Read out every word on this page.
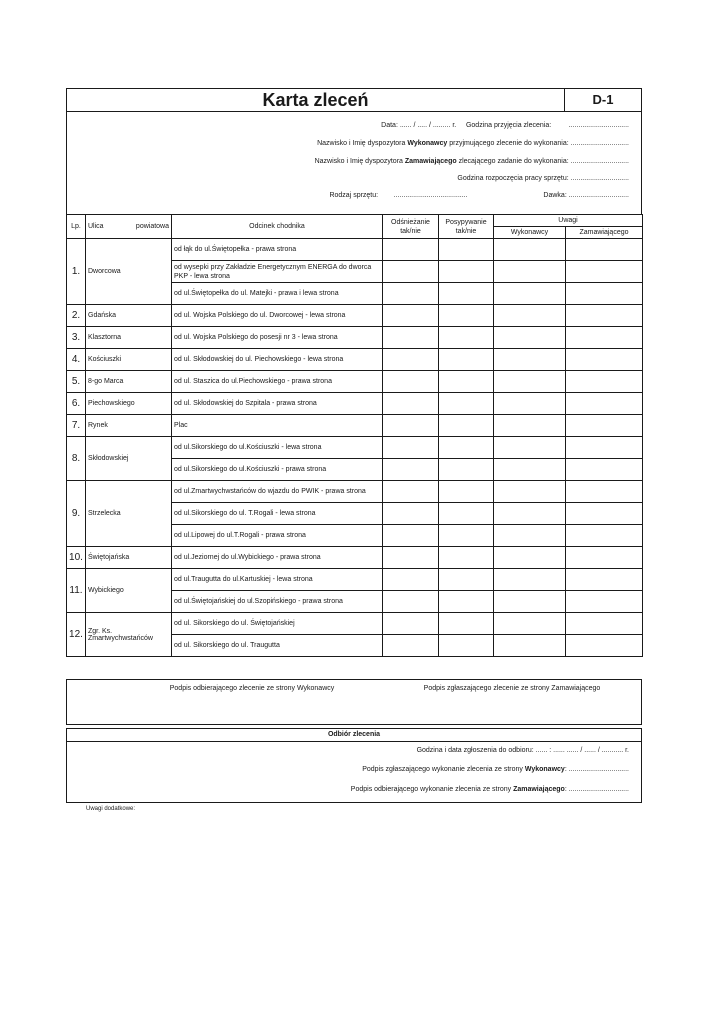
Karta zleceń	D-1
Data: ...... / ..... / ......... r. Godzina przyjęcia zlecenia:	...............................
Nazwisko i Imię dyspozytora Wykonawcy przyjmującego zlecenie do wykonania: ..............................
Nazwisko i Imię dyspozytora Zamawiającego zlecającego zadanie do wykonania: ..............................
Godzina rozpoczęcia pracy sprzętu: ..............................
Rodzaj sprzętu: ......................................	Dawka: ...............................
Lp.	Ulica powiatowa	Odcinek chodnika	Odśnieżanie tak/nie	Posypywanie tak/nie	Uwagi	
					Wykonawcy	Zamawiającego
1.	Dworcowa	od łąk do ul.Świętopełka - prawa strona				
		od wysepki przy Zakładzie Energetycznym ENERGA do dworca PKP - lewa strona				
		od ul.Świętopełka do ul. Matejki - prawa i lewa strona				
2.	Gdańska	od ul. Wojska Polskiego do ul. Dworcowej - lewa strona				
3.	Klasztorna	od ul. Wojska Polskiego do posesji nr 3 - lewa strona				
4.	Kościuszki	od ul. Skłodowskiej do ul. Piechowskiego - lewa strona				
5.	8-go Marca	od ul. Staszica do ul.Piechowskiego - prawa strona				
6.	Piechowskiego	od ul. Skłodowskiej do Szpitala - prawa strona				
7.	Rynek	Plac				
8.	Skłodowskiej	od ul.Sikorskiego do ul.Kościuszki - lewa strona				
		od ul.Sikorskiego do ul.Kościuszki - prawa strona				
9.	Strzelecka	od ul.Zmartwychwstańców do wjazdu do PWIK - prawa strona				
		od ul.Sikorskiego do ul. T.Rogali - lewa strona				
		od ul.Lipowej do ul.T.Rogali - prawa strona				
10.	Świętojańska	od ul.Jeziornej do ul.Wybickiego - prawa strona				
11.	Wybickiego	od ul.Traugutta do ul.Kartuskiej - lewa strona				
		od ul.Świętojańskiej do ul.Szopińskiego - prawa strona				
12.	Zgr. Ks. Zmartwychwstańców	od ul. Sikorskiego do ul. Świętojańskiej				
		od ul. Sikorskiego do ul. Traugutta				
Podpis odbierającego zlecenie ze strony Wykonawcy	Podpis zgłaszającego zlecenie ze strony Zamawiającego
Odbiór zlecenia
Godzina i data zgłoszenia do odbioru: ...... : ...... ...... / ...... / ........... r.
Podpis zgłaszającego wykonanie zlecenia ze strony Wykonawcy: ...............................
Podpis odbierającego wykonanie zlecenia ze strony Zamawiającego: ...............................
Uwagi dodatkowe:
